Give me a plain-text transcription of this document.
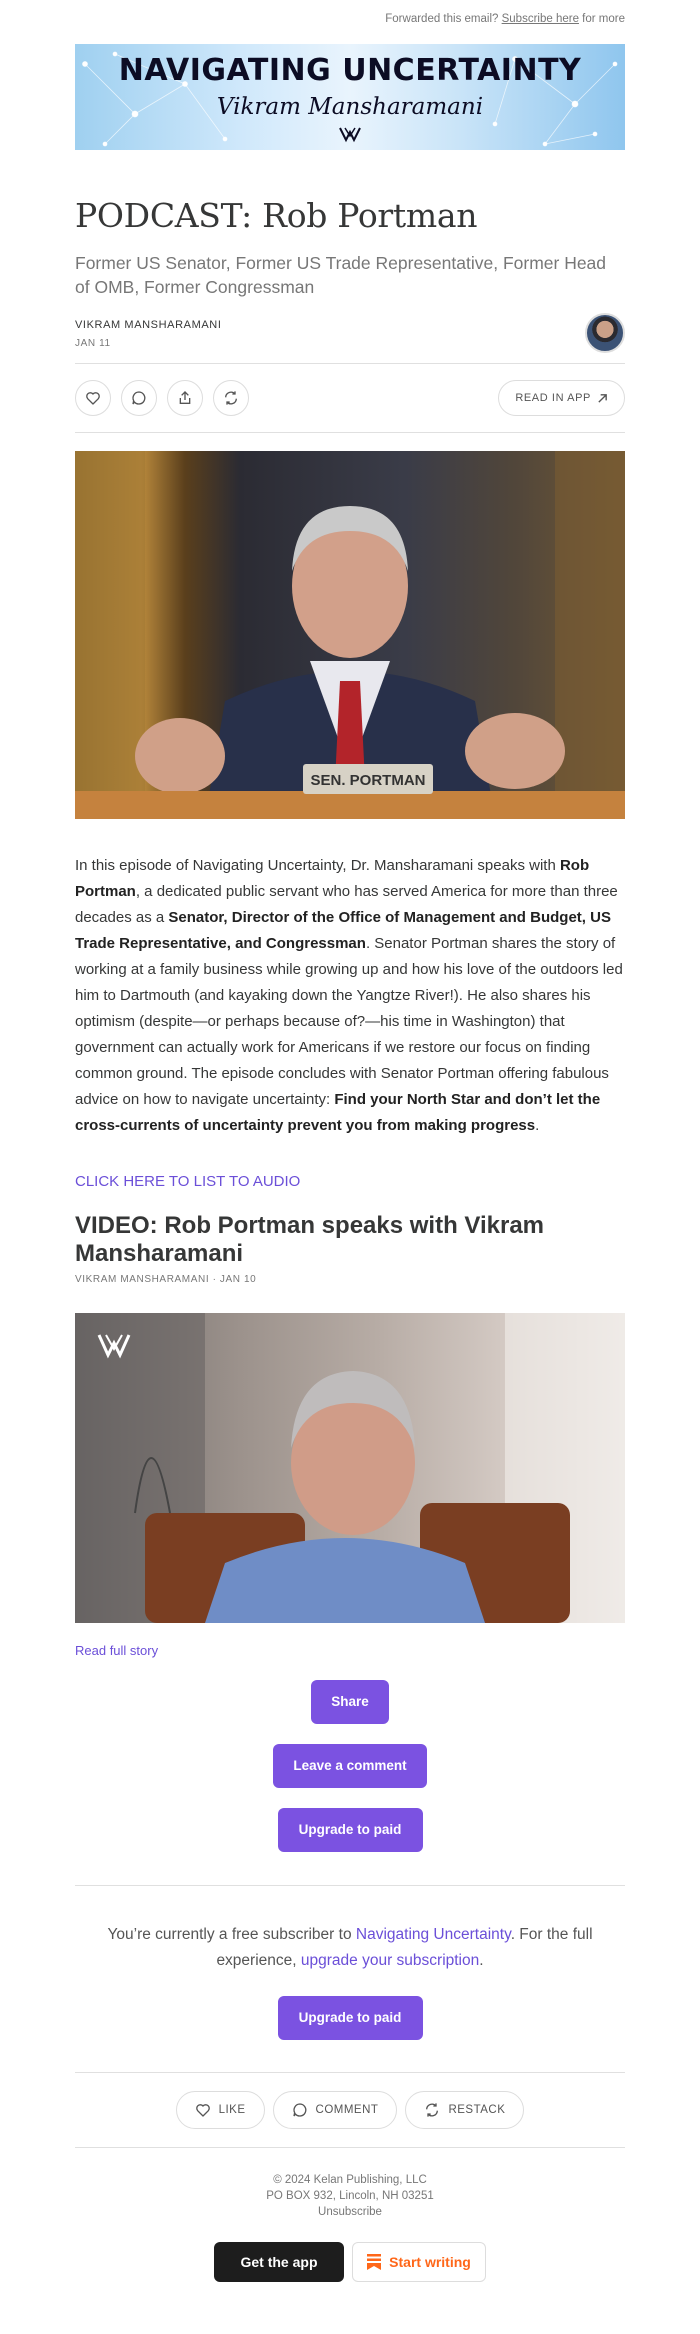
Forwarded this email? Subscribe here for more
NAVIGATING UNCERTAINTY
Vikram Mansharamani
PODCAST: Rob Portman
Former US Senator, Former US Trade Representative, Former Head of OMB, Former Congressman
VIKRAM MANSHARAMANI
JAN 11
READ IN APP
SEN. PORTMAN
In this episode of Navigating Uncertainty, Dr. Mansharamani speaks with Rob Portman, a dedicated public servant who has served America for more than three decades as a Senator, Director of the Office of Management and Budget, US Trade Representative, and Congressman. Senator Portman shares the story of working at a family business while growing up and how his love of the outdoors led him to Dartmouth (and kayaking down the Yangtze River!). He also shares his optimism (despite—or perhaps because of?—his time in Washington) that government can actually work for Americans if we restore our focus on finding common ground. The episode concludes with Senator Portman offering fabulous advice on how to navigate uncertainty: Find your North Star and don’t let the cross-currents of uncertainty prevent you from making progress.
CLICK HERE TO LIST TO AUDIO
VIDEO: Rob Portman speaks with Vikram Mansharamani
VIKRAM MANSHARAMANI · JAN 10
Read full story
Share
Leave a comment
Upgrade to paid
You’re currently a free subscriber to Navigating Uncertainty. For the full experience, upgrade your subscription.
Upgrade to paid
LIKE	COMMENT	RESTACK
© 2024 Kelan Publishing, LLC
PO BOX 932, Lincoln, NH 03251
Unsubscribe
Get the app	Start writing
